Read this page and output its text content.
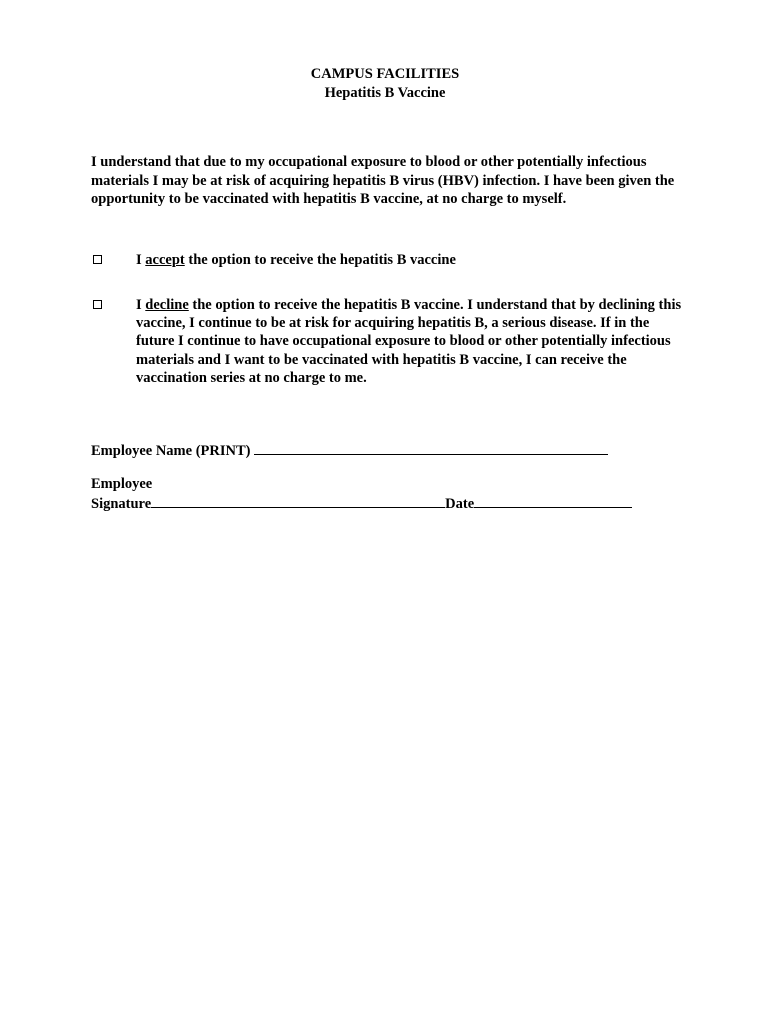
CAMPUS FACILITIES
Hepatitis B Vaccine

I understand that due to my occupational exposure to blood or other potentially infectious materials I may be at risk of acquiring hepatitis B virus (HBV) infection. I have been given the opportunity to be vaccinated with hepatitis B vaccine, at no charge to myself.

I accept the option to receive the hepatitis B vaccine
I decline the option to receive the hepatitis B vaccine. I understand that by declining this vaccine, I continue to be at risk for acquiring hepatitis B, a serious disease. If in the future I continue to have occupational exposure to blood or other potentially infectious materials and I want to be vaccinated with hepatitis B vaccine, I can receive the vaccination series at no charge to me.
Employee Name (PRINT)
Employee
Signature	Date
